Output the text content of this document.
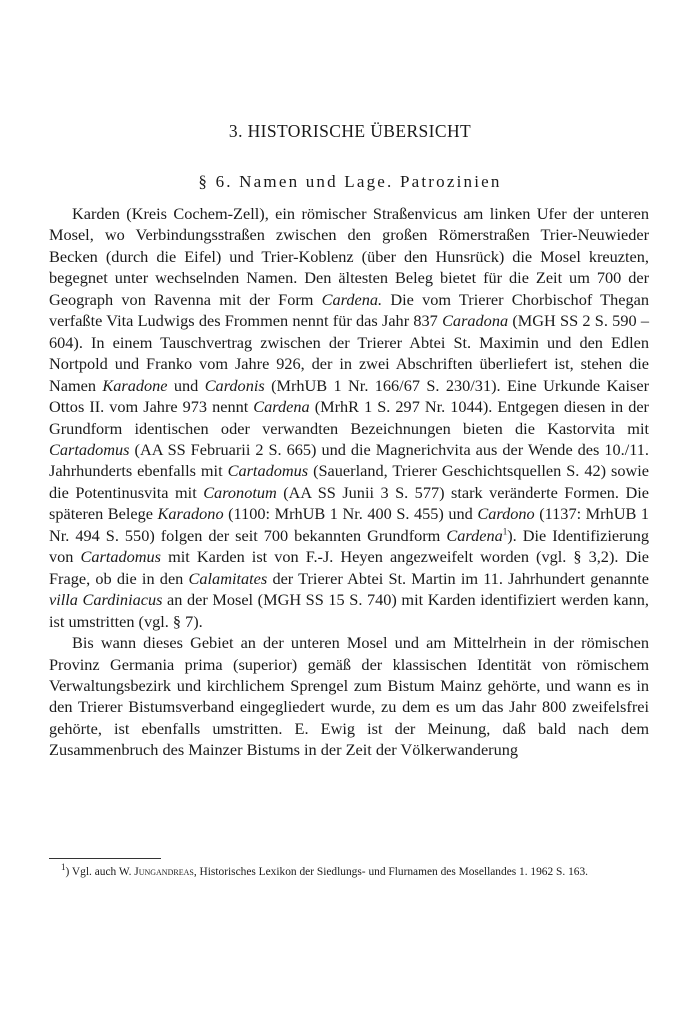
3. HISTORISCHE ÜBERSICHT
§ 6. Namen und Lage. Patrozinien

Karden (Kreis Cochem-Zell), ein römischer Straßenvicus am linken Ufer der unteren Mosel, wo Verbindungsstraßen zwischen den großen Römerstraßen Trier-Neuwieder Becken (durch die Eifel) und Trier-Koblenz (über den Hunsrück) die Mosel kreuzten, begegnet unter wechselnden Namen. Den ältesten Beleg bietet für die Zeit um 700 der Geograph von Ravenna mit der Form Cardena. Die vom Trierer Chorbischof Thegan verfaßte Vita Ludwigs des Frommen nennt für das Jahr 837 Caradona (MGH SS 2 S. 590 – 604). In einem Tauschvertrag zwischen der Trierer Abtei St. Maximin und den Edlen Nortpold und Franko vom Jahre 926, der in zwei Abschriften überliefert ist, stehen die Namen Karadone und Cardonis (MrhUB 1 Nr. 166/67 S. 230/31). Eine Urkunde Kaiser Ottos II. vom Jahre 973 nennt Cardena (MrhR 1 S. 297 Nr. 1044). Entgegen diesen in der Grundform identischen oder verwandten Bezeichnungen bieten die Kastorvita mit Cartadomus (AA SS Februarii 2 S. 665) und die Magnerichvita aus der Wende des 10./11. Jahrhunderts ebenfalls mit Cartadomus (Sauerland, Trierer Geschichtsquellen S. 42) sowie die Potentinusvita mit Caronotum (AA SS Junii 3 S. 577) stark veränderte Formen. Die späteren Belege Karadono (1100: MrhUB 1 Nr. 400 S. 455) und Cardono (1137: MrhUB 1 Nr. 494 S. 550) folgen der seit 700 bekannten Grundform Cardena$^1$). Die Identifizierung von Cartadomus mit Karden ist von F.-J. Heyen angezweifelt worden (vgl. § 3,2). Die Frage, ob die in den Calamitates der Trierer Abtei St. Martin im 11. Jahrhundert genannte villa Cardiniacus an der Mosel (MGH SS 15 S. 740) mit Karden identifiziert werden kann, ist umstritten (vgl. § 7).

Bis wann dieses Gebiet an der unteren Mosel und am Mittelrhein in der römischen Provinz Germania prima (superior) gemäß der klassischen Identität von römischem Verwaltungsbezirk und kirchlichem Sprengel zum Bistum Mainz gehörte, und wann es in den Trierer Bistumsverband eingegliedert wurde, zu dem es um das Jahr 800 zweifelsfrei gehörte, ist ebenfalls umstritten. E. Ewig ist der Meinung, daß bald nach dem Zusammenbruch des Mainzer Bistums in der Zeit der Völkerwanderung

$^1$) Vgl. auch W. Jungandreas, Historisches Lexikon der Siedlungs- und Flurnamen des Mosellandes 1. 1962 S. 163.
